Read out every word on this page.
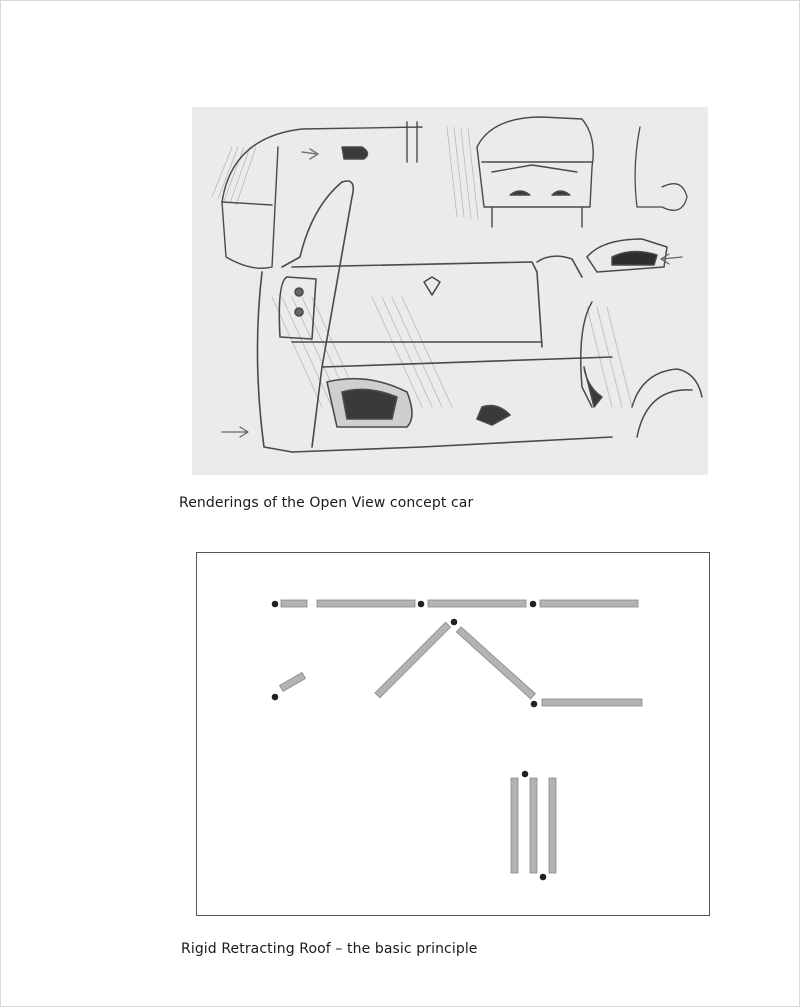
Renderings of the Open View concept car
Rigid Retracting Roof – the basic principle
